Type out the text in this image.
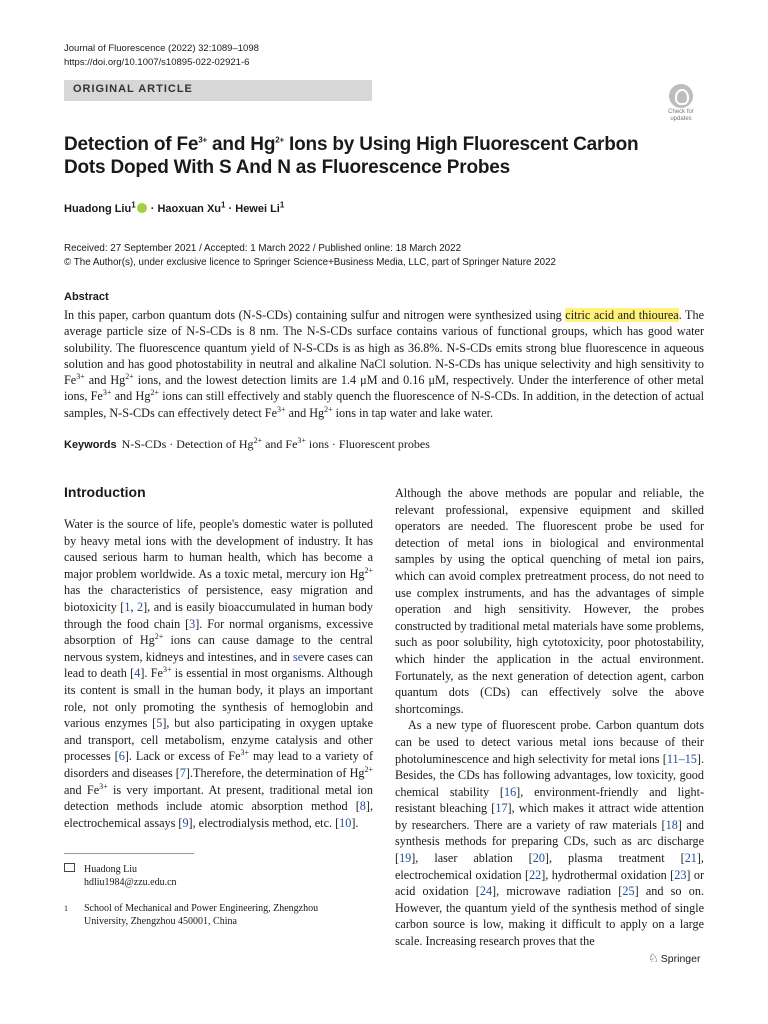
Journal of Fluorescence (2022) 32:1089–1098
https://doi.org/10.1007/s10895-022-02921-6
ORIGINAL ARTICLE
Check for updates
Detection of $Fe^{3+}$ and $Hg^{2+}$ Ions by Using High Fluorescent Carbon Dots Doped With S And N as Fluorescence Probes
Huadong Liu$^1$ · Haoxuan $Xu^1$ · Hewei Li$^1$
Received: 27 September 2021 / Accepted: 1 March 2022 / Published online: 18 March 2022
© The Author(s), under exclusive licence to Springer Science+Business Media, LLC, part of Springer Nature 2022
Abstract
In this paper, carbon quantum dots (N-S-CDs) containing sulfur and nitrogen were synthesized using citric acid and thiourea. The average particle size of N-S-CDs is 8 nm. The N-S-CDs surface contains various of functional groups, which has good water solubility. The fluorescence quantum yield of N-S-CDs is as high as 36.8%. N-S-CDs emits strong blue fluorescence in aqueous solution and has good photostability in neutral and alkaline NaCl solution. N-S-CDs has unique selectivity and high sensitivity to $Fe^{3+}$ and $Hg^{2+}$ ions, and the lowest detection limits are 1.4 μM and 0.16 μM, respectively. Under the interference of other metal ions, $Fe^{3+}$ and $Hg^{2+}$ ions can still effectively and stably quench the fluorescence of N-S-CDs. In addition, in the detection of actual samples, N-S-CDs can effectively detect $Fe^{3+}$ and $Hg^{2+}$ ions in tap water and lake water.
Keywords N-S-CDs · Detection of $Hg^{2+}$ and $Fe^{3+}$ ions · Fluorescent probes
Introduction

Water is the source of life, people's domestic water is polluted by heavy metal ions with the development of industry. It has caused serious harm to human health, which has become a major problem worldwide. As a toxic metal, mercury ion $Hg^{2+}$ has the characteristics of persistence, easy migration and biotoxicity [1, 2], and is easily bioaccumulated in human body through the food chain [3]. For normal organisms, excessive absorption of $Hg^{2+}$ ions can cause damage to the central nervous system, kidneys and intestines, and in severe cases can lead to death [4]. $Fe^{3+}$ is essential in most organisms. Although its content is small in the human body, it plays an important role, not only promoting the synthesis of hemoglobin and various enzymes [5], but also participating in oxygen uptake and transport, cell metabolism, enzyme catalysis and other processes [6]. Lack or excess of $Fe^{3+}$ may lead to a variety of disorders and diseases [7].Therefore, the determination of $Hg^{2+}$ and $Fe^{3+}$ is very important. At present, traditional metal ion detection methods include atomic absorption method [8], electrochemical assays [9], electrodialysis method, etc. [10].

Although the above methods are popular and reliable, the relevant professional, expensive equipment and skilled operators are needed. The fluorescent probe be used for detection of metal ions in biological and environmental samples by using the optical quenching of metal ion pairs, which can avoid complex pretreatment process, do not need to use complex instruments, and has the advantages of simple operation and high sensitivity. However, the probes constructed by traditional metal materials have some problems, such as poor solubility, high cytotoxicity, poor photostability, which hinder the application in the actual environment. Fortunately, as the next generation of detection agent, carbon quantum dots (CDs) can effectively solve the above shortcomings.

As a new type of fluorescent probe. Carbon quantum dots can be used to detect various metal ions because of their photoluminescence and high selectivity for metal ions [11–15]. Besides, the CDs has following advantages, low toxicity, good chemical stability [16], environment-friendly and light-resistant bleaching [17], which makes it attract wide attention by researchers. There are a variety of raw materials [18] and synthesis methods for preparing CDs, such as arc discharge [19], laser ablation [20], plasma treatment [21], electrochemical oxidation [22], hydrothermal oxidation [23] or acid oxidation [24], microwave radiation [25] and so on. However, the quantum yield of the synthesis method of single carbon source is low, making it difficult to apply on a large scale. Increasing research proves that the

Huadong Liu
hdliu1984@zzu.edu.cn
1 School of Mechanical and Power Engineering, Zhengzhou
University, Zhengzhou 450001, China
♘ Springer
